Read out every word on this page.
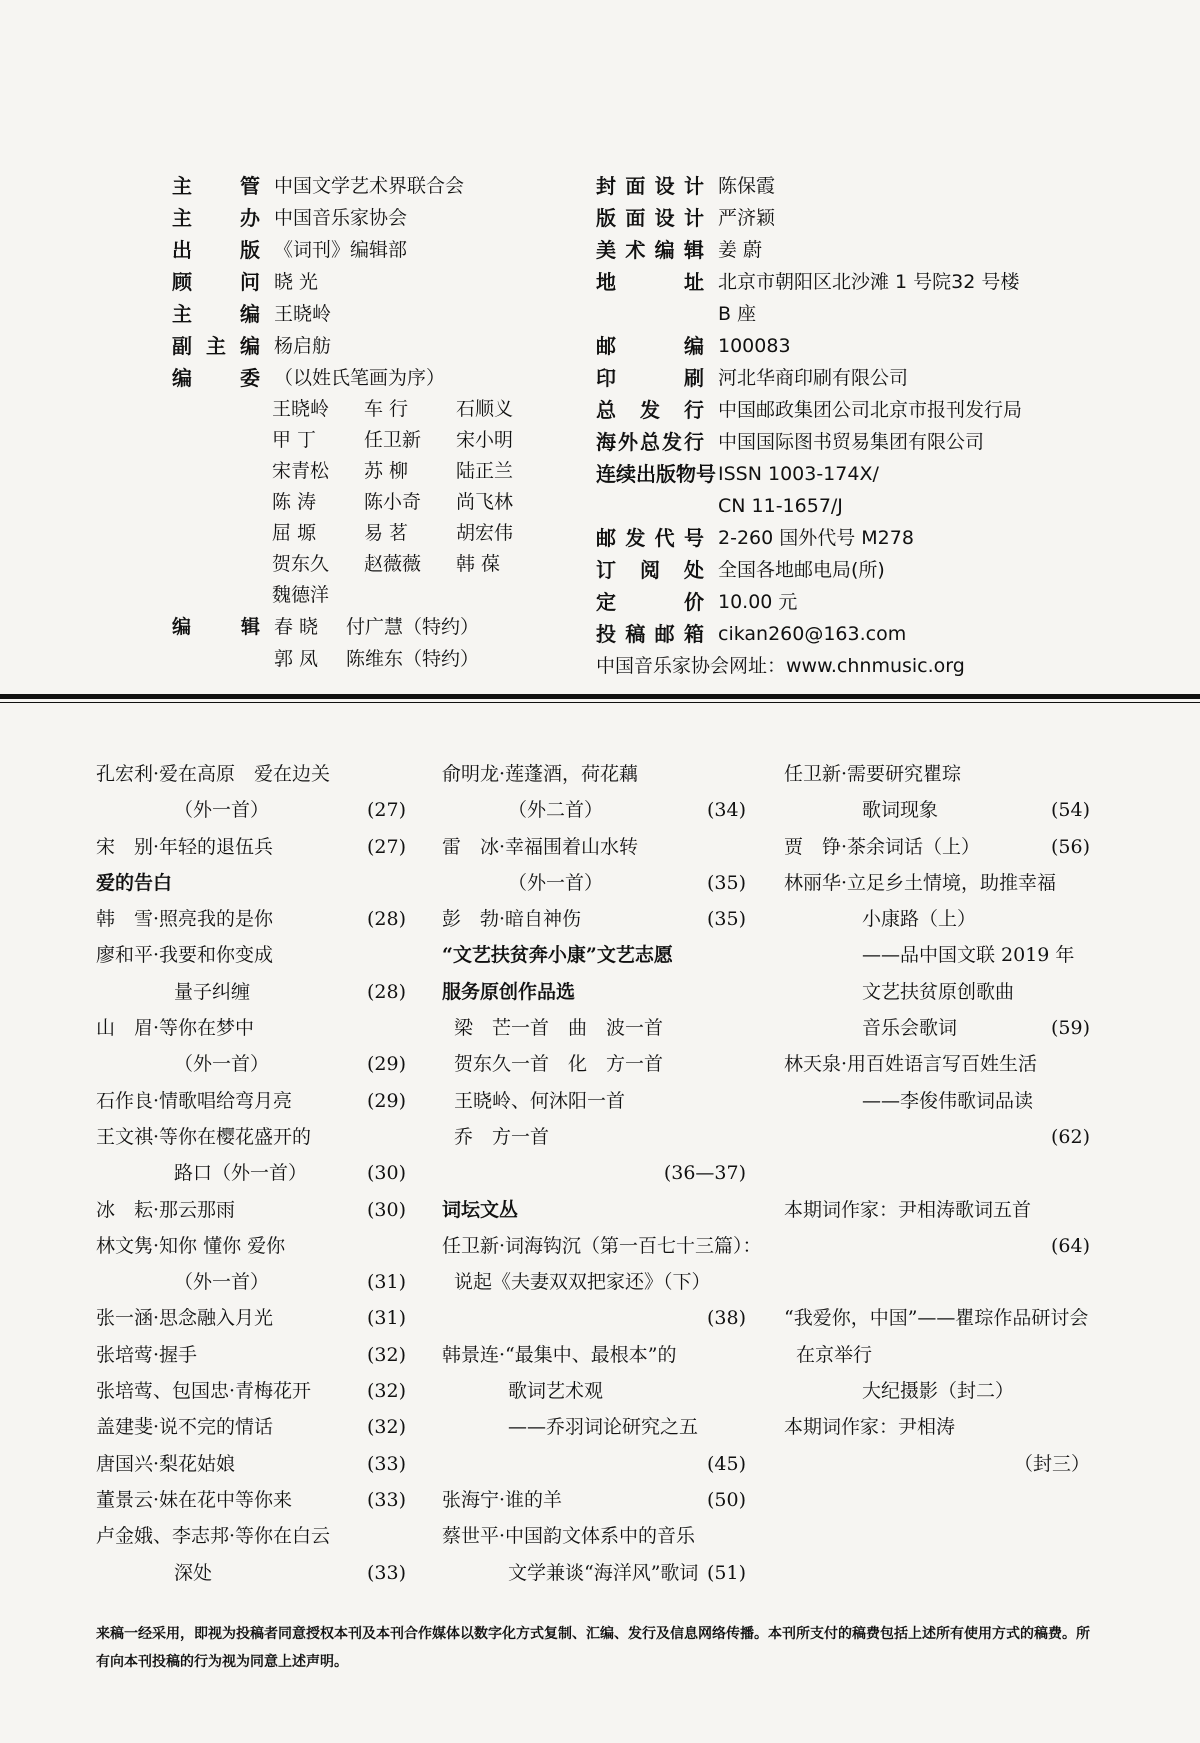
主 管 中国文学艺术界联合会
主 办 中国音乐家协会
出 版 《词刊》编辑部
顾 问 晓 光
主 编 王晓岭
副 主 编 杨启舫
编 委 （以姓氏笔画为序）
王晓岭	车 行	石顺义
甲 丁	任卫新	宋小明
宋青松	苏 柳	陆正兰
陈 涛	陈小奇	尚飞林
屈 塬	易 茗	胡宏伟
贺东久	赵薇薇	韩 葆
魏德洋
编	辑 春 晓 付广慧（特约）
郭 凤 陈维东（特约）
封 面 设 计 陈保霞
版 面 设 计 严济颖
美 术 编 辑 姜 蔚
地	址 北京市朝阳区北沙滩 1 号院32 号楼
B 座
邮	编 100083
印	刷 河北华商印刷有限公司
总 发 行 中国邮政集团公司北京市报刊发行局
海 外 总 发 行 中国国际图书贸易集团有限公司
连 续 出 版 物 号 ISSN 1003-174X/
CN 11-1657/J
邮 发 代 号 2-260 国外代号 M278
订 阅 处 全国各地邮电局(所)
定	价 10.00 元
投 稿 邮 箱 cikan260@163.com
中国音乐家协会网址：www.chnmusic.org
孔宏利·爱在高原　爱在边关
（外一首）	(27)
宋　别·年轻的退伍兵	(27)
爱的告白
韩　雪·照亮我的是你	(28)
廖和平·我要和你变成
量子纠缠	(28)
山　眉·等你在梦中
（外一首）	(29)
石作良·情歌唱给弯月亮	(29)
王文祺·等你在樱花盛开的
路口（外一首）	(30)
冰　耘·那云那雨	(30)
林文隽·知你 懂你 爱你
（外一首）	(31)
张一涵·思念融入月光	(31)
张培莺·握手	(32)
张培莺、包国忠·青梅花开	(32)
盖建斐·说不完的情话	(32)
唐国兴·梨花姑娘	(33)
董景云·妹在花中等你来	(33)
卢金娥、李志邦·等你在白云
深处	(33)
俞明龙·莲蓬酒，荷花藕
（外二首）	(34)
雷　冰·幸福围着山水转
（外一首）	(35)
彭　勃·暗自神伤	(35)
“文艺扶贫奔小康”文艺志愿
服务原创作品选
梁　芒一首　曲　波一首
贺东久一首　化　方一首
王晓岭、何沐阳一首
乔　方一首
(36—37)
词坛文丛
任卫新·词海钩沉（第一百七十三篇）：
说起《夫妻双双把家还》（下）
(38)
韩景连·“最集中、最根本”的
歌词艺术观
——乔羽词论研究之五
(45)
张海宁·谁的羊	(50)
蔡世平·中国韵文体系中的音乐
文学兼谈“海洋风”歌词 (51)
任卫新·需要研究瞿琮
歌词现象	(54)
贾　铮·茶余词话（上）	(56)
林丽华·立足乡土情境，助推幸福
小康路（上）
——品中国文联 2019 年
文艺扶贫原创歌曲
音乐会歌词	(59)
林天泉·用百姓语言写百姓生活
——李俊伟歌词品读
(62)
本期词作家：尹相涛歌词五首
(64)
“我爱你，中国”——瞿琮作品研讨会
在京举行
大纪摄影（封二）
本期词作家：尹相涛
（封三）
来稿一经采用，即视为投稿者同意授权本刊及本刊合作媒体以数字化方式复制、汇编、发行及信息网络传播。本刊所支付的稿费包括上述所有使用方式的稿费。所有向本刊投稿的行为视为同意上述声明。
